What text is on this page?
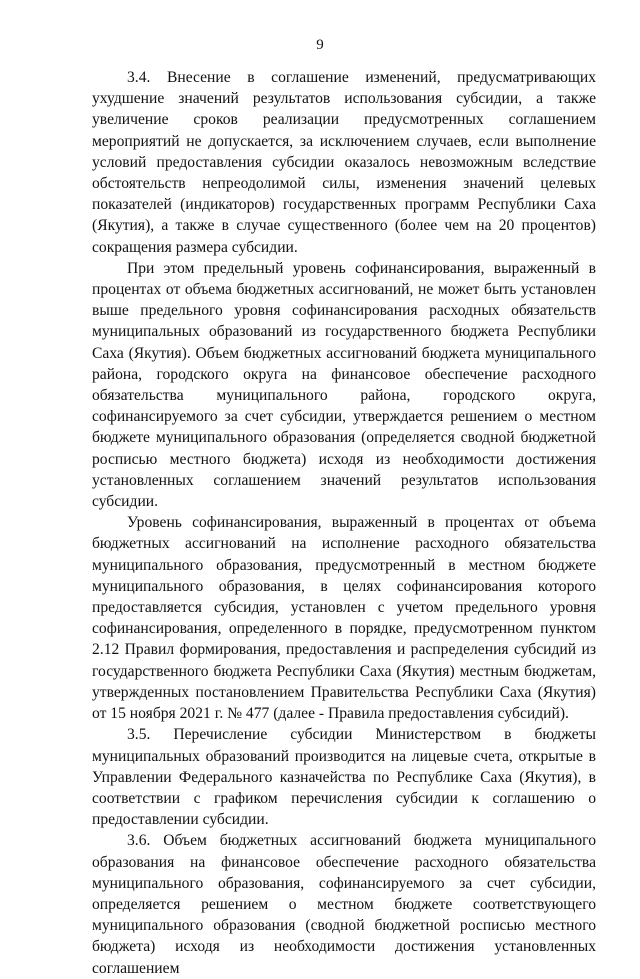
9

3.4. Внесение в соглашение изменений, предусматривающих ухудшение значений результатов использования субсидии, а также увеличение сроков реализации предусмотренных соглашением мероприятий не допускается, за исключением случаев, если выполнение условий предоставления субсидии оказалось невозможным вследствие обстоятельств непреодолимой силы, изменения значений целевых показателей (индикаторов) государственных программ Республики Саха (Якутия), а также в случае существенного (более чем на 20 процентов) сокращения размера субсидии.

При этом предельный уровень софинансирования, выраженный в процентах от объема бюджетных ассигнований, не может быть установлен выше предельного уровня софинансирования расходных обязательств муниципальных образований из государственного бюджета Республики Саха (Якутия). Объем бюджетных ассигнований бюджета муниципального района, городского округа на финансовое обеспечение расходного обязательства муниципального района, городского округа, софинансируемого за счет субсидии, утверждается решением о местном бюджете муниципального образования (определяется сводной бюджетной росписью местного бюджета) исходя из необходимости достижения установленных соглашением значений результатов использования субсидии.

Уровень софинансирования, выраженный в процентах от объема бюджетных ассигнований на исполнение расходного обязательства муниципального образования, предусмотренный в местном бюджете муниципального образования, в целях софинансирования которого предоставляется субсидия, установлен с учетом предельного уровня софинансирования, определенного в порядке, предусмотренном пунктом 2.12 Правил формирования, предоставления и распределения субсидий из государственного бюджета Республики Саха (Якутия) местным бюджетам, утвержденных постановлением Правительства Республики Саха (Якутия) от 15 ноября 2021 г. № 477 (далее - Правила предоставления субсидий).

3.5. Перечисление субсидии Министерством в бюджеты муниципальных образований производится на лицевые счета, открытые в Управлении Федерального казначейства по Республике Саха (Якутия), в соответствии с графиком перечисления субсидии к соглашению о предоставлении субсидии.

3.6. Объем бюджетных ассигнований бюджета муниципального образования на финансовое обеспечение расходного обязательства муниципального образования, софинансируемого за счет субсидии, определяется решением о местном бюджете соответствующего муниципального образования (сводной бюджетной росписью местного бюджета) исходя из необходимости достижения установленных соглашением
